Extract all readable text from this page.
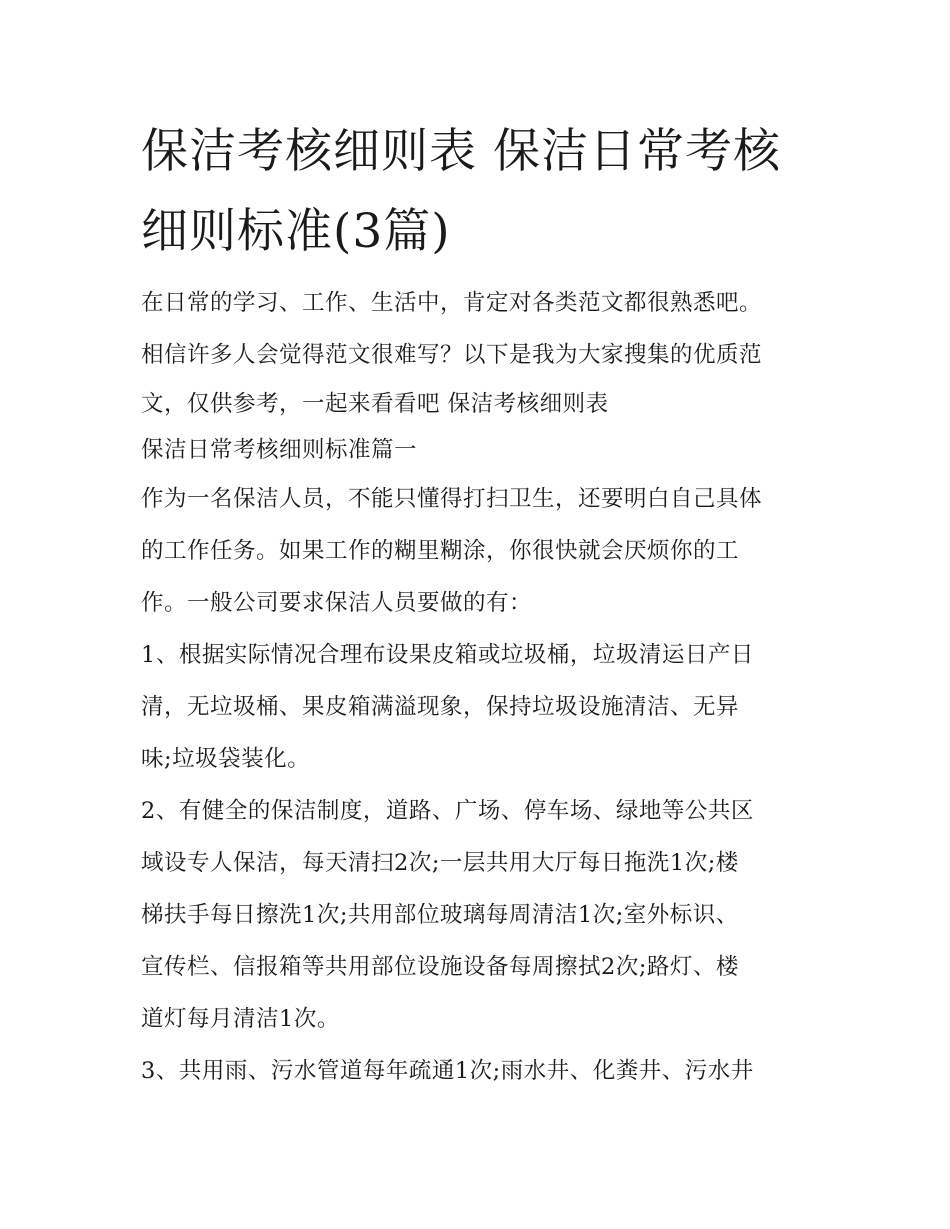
保洁考核细则表 保洁日常考核
细则标准(3篇)
在日常的学习、工作、生活中，肯定对各类范文都很熟悉吧。
相信许多人会觉得范文很难写？以下是我为大家搜集的优质范
文，仅供参考，一起来看看吧 保洁考核细则表
保洁日常考核细则标准篇一
作为一名保洁人员，不能只懂得打扫卫生，还要明白自己具体
的工作任务。如果工作的糊里糊涂，你很快就会厌烦你的工
作。一般公司要求保洁人员要做的有：
1、根据实际情况合理布设果皮箱或垃圾桶，垃圾清运日产日
清，无垃圾桶、果皮箱满溢现象，保持垃圾设施清洁、无异
味;垃圾袋装化。
2、有健全的保洁制度，道路、广场、停车场、绿地等公共区
域设专人保洁，每天清扫2次;一层共用大厅每日拖洗1次;楼
梯扶手每日擦洗1次;共用部位玻璃每周清洁1次;室外标识、
宣传栏、信报箱等共用部位设施设备每周擦拭2次;路灯、楼
道灯每月清洁1次。
3、共用雨、污水管道每年疏通1次;雨水井、化粪井、污水井
